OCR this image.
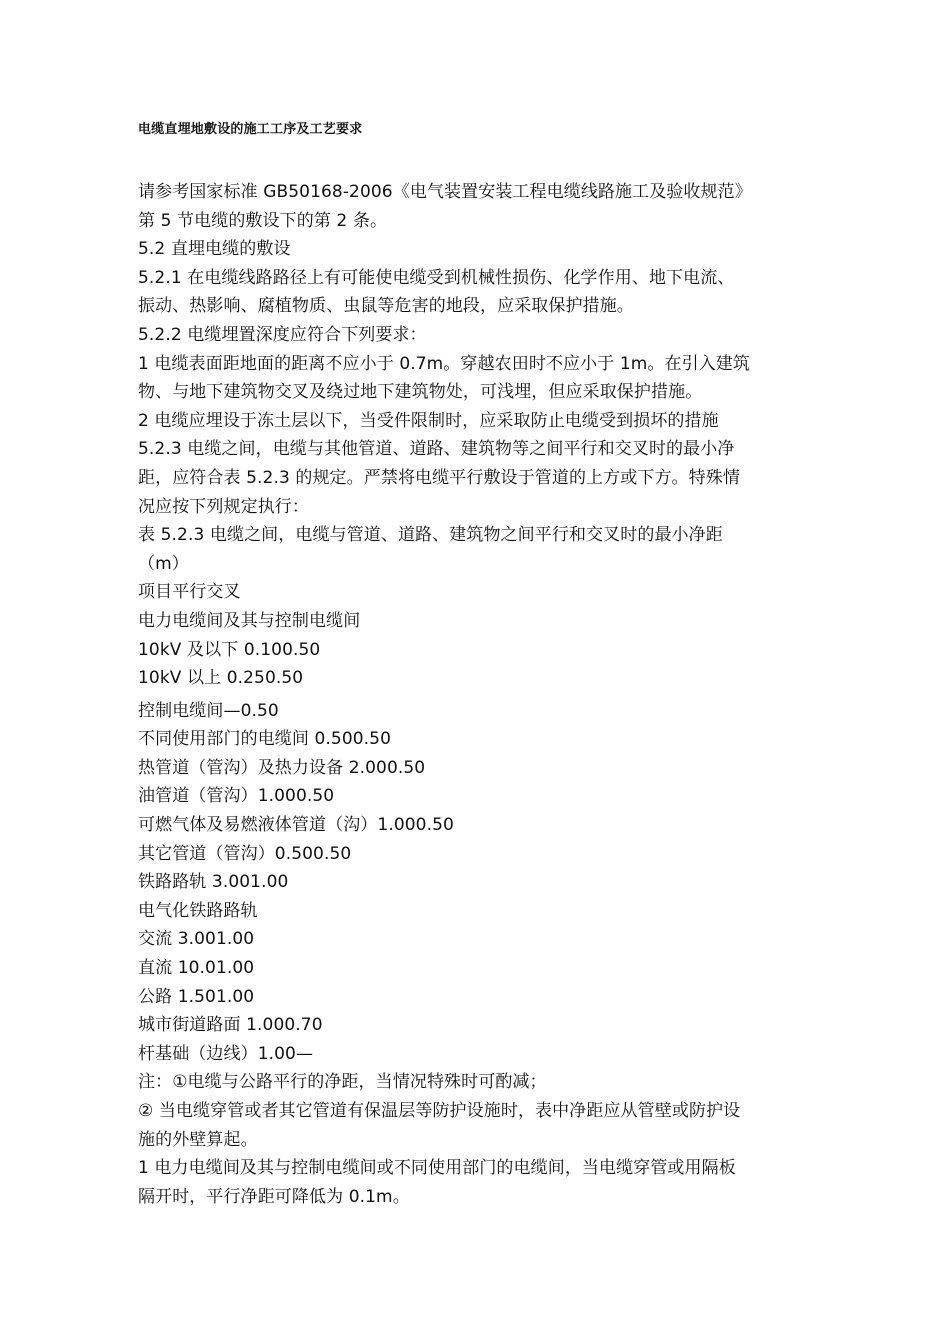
电缆直埋地敷设的施工工序及工艺要求

请参考国家标准 GB50168-2006《电气装置安装工程电缆线路施工及验收规范》

第 5 节电缆的敷设下的第 2 条。

5.2 直埋电缆的敷设

5.2.1 在电缆线路路径上有可能使电缆受到机械性损伤、化学作用、地下电流、

振动、热影响、腐植物质、虫鼠等危害的地段，应采取保护措施。

5.2.2 电缆埋置深度应符合下列要求：

1 电缆表面距地面的距离不应小于 0.7m。穿越农田时不应小于 1m。在引入建筑

物、与地下建筑物交叉及绕过地下建筑物处，可浅埋，但应采取保护措施。

2 电缆应埋设于冻土层以下，当受件限制时，应采取防止电缆受到损坏的措施

5.2.3 电缆之间，电缆与其他管道、道路、建筑物等之间平行和交叉时的最小净

距，应符合表 5.2.3 的规定。严禁将电缆平行敷设于管道的上方或下方。特殊情

况应按下列规定执行：

表 5.2.3 电缆之间，电缆与管道、道路、建筑物之间平行和交叉时的最小净距

（m）

项目平行交叉

电力电缆间及其与控制电缆间

10kV 及以下 0.100.50

10kV 以上 0.250.50

控制电缆间—0.50

不同使用部门的电缆间 0.500.50

热管道（管沟）及热力设备 2.000.50

油管道（管沟）1.000.50

可燃气体及易燃液体管道（沟）1.000.50

其它管道（管沟）0.500.50

铁路路轨 3.001.00

电气化铁路路轨

交流 3.001.00

直流 10.01.00

公路 1.501.00

城市街道路面 1.000.70

杆基础（边线）1.00—

注：①电缆与公路平行的净距，当情况特殊时可酌减；

② 当电缆穿管或者其它管道有保温层等防护设施时，表中净距应从管壁或防护设

施的外壁算起。

1 电力电缆间及其与控制电缆间或不同使用部门的电缆间，当电缆穿管或用隔板

隔开时，平行净距可降低为 0.1m。
